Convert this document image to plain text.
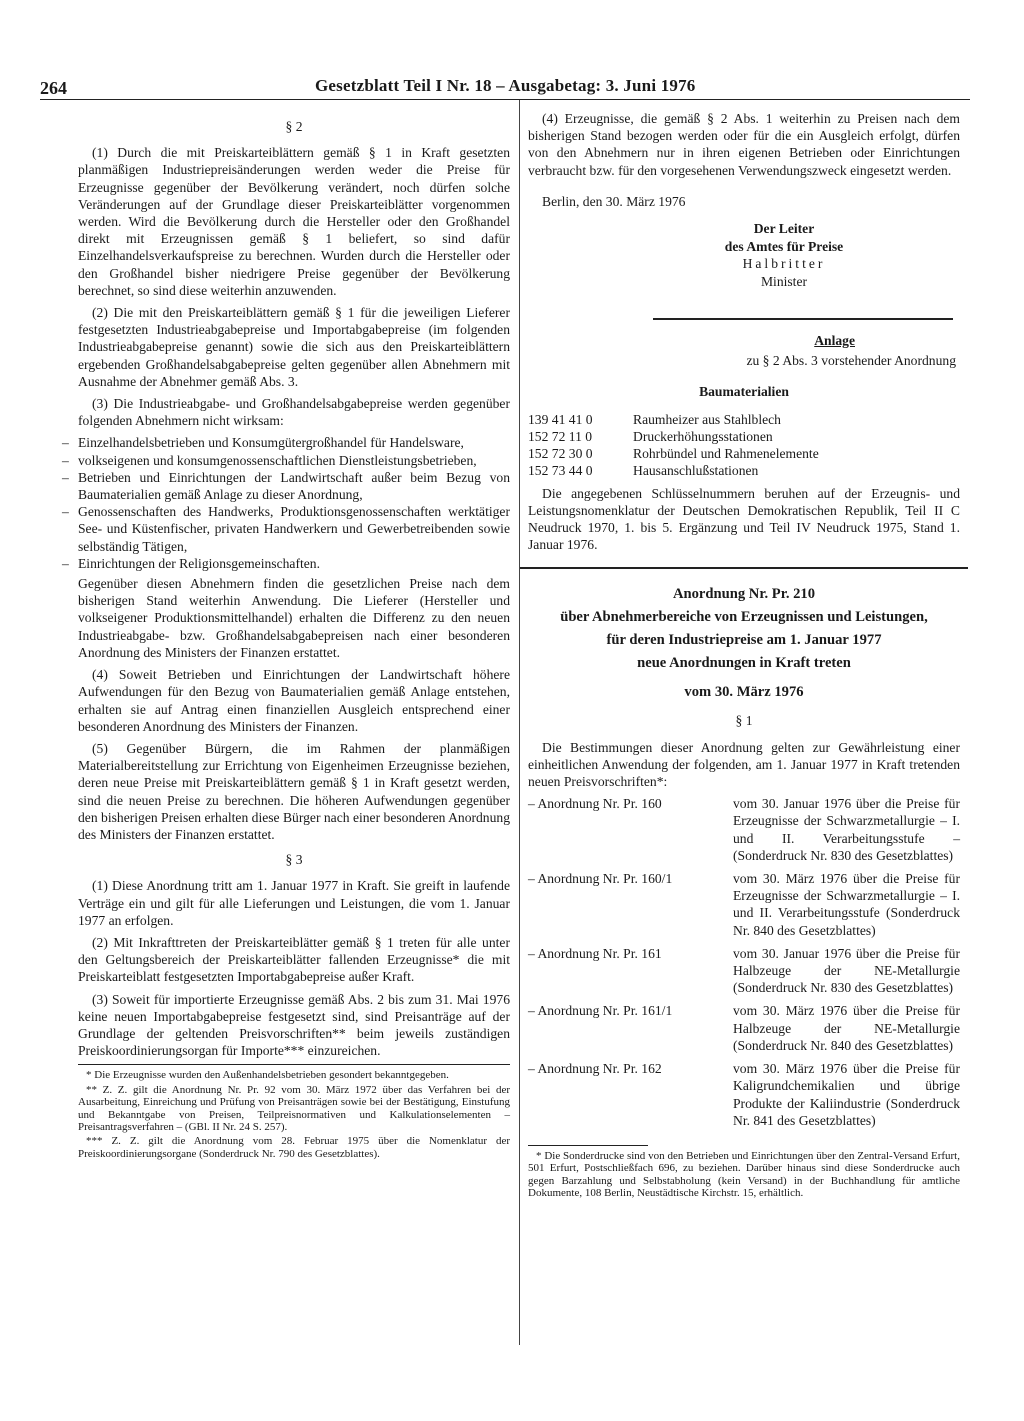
264	Gesetzblatt Teil I Nr. 18 – Ausgabetag: 3. Juni 1976
§ 2

(1) Durch die mit Preiskarteiblättern gemäß § 1 in Kraft gesetzten planmäßigen Industriepreisänderungen werden weder die Preise für Erzeugnisse gegenüber der Bevölkerung verändert, noch dürfen solche Veränderungen auf der Grundlage dieser Preiskarteiblätter vorgenommen werden. Wird die Bevölkerung durch die Hersteller oder den Großhandel direkt mit Erzeugnissen gemäß § 1 beliefert, so sind dafür Einzelhandelsverkaufspreise zu berechnen. Wurden durch die Hersteller oder den Großhandel bisher niedrigere Preise gegenüber der Bevölkerung berechnet, so sind diese weiterhin anzuwenden.

(2) Die mit den Preiskarteiblättern gemäß § 1 für die jeweiligen Lieferer festgesetzten Industrieabgabepreise und Importabgabepreise (im folgenden Industrieabgabepreise genannt) sowie die sich aus den Preiskarteiblättern ergebenden Großhandelsabgabepreise gelten gegenüber allen Abnehmern mit Ausnahme der Abnehmer gemäß Abs. 3.

(3) Die Industrieabgabe- und Großhandelsabgabepreise werden gegenüber folgenden Abnehmern nicht wirksam:

– Einzelhandelsbetrieben und Konsumgütergroßhandel für Handelsware,
– volkseigenen und konsumgenossenschaftlichen Dienstleistungsbetrieben,
– Betrieben und Einrichtungen der Landwirtschaft außer beim Bezug von Baumaterialien gemäß Anlage zu dieser Anordnung,
– Genossenschaften des Handwerks, Produktionsgenossenschaften werktätiger See- und Küstenfischer, privaten Handwerkern und Gewerbetreibenden sowie selbständig Tätigen,
– Einrichtungen der Religionsgemeinschaften.

Gegenüber diesen Abnehmern finden die gesetzlichen Preise nach dem bisherigen Stand weiterhin Anwendung. Die Lieferer (Hersteller und volkseigener Produktionsmittelhandel) erhalten die Differenz zu den neuen Industrieabgabe- bzw. Großhandelsabgabepreisen nach einer besonderen Anordnung des Ministers der Finanzen erstattet.

(4) Soweit Betrieben und Einrichtungen der Landwirtschaft höhere Aufwendungen für den Bezug von Baumaterialien gemäß Anlage entstehen, erhalten sie auf Antrag einen finanziellen Ausgleich entsprechend einer besonderen Anordnung des Ministers der Finanzen.

(5) Gegenüber Bürgern, die im Rahmen der planmäßigen Materialbereitstellung zur Errichtung von Eigenheimen Erzeugnisse beziehen, deren neue Preise mit Preiskarteiblättern gemäß § 1 in Kraft gesetzt werden, sind die neuen Preise zu berechnen. Die höheren Aufwendungen gegenüber den bisherigen Preisen erhalten diese Bürger nach einer besonderen Anordnung des Ministers der Finanzen erstattet.

§ 3

(1) Diese Anordnung tritt am 1. Januar 1977 in Kraft. Sie greift in laufende Verträge ein und gilt für alle Lieferungen und Leistungen, die vom 1. Januar 1977 an erfolgen.

(2) Mit Inkrafttreten der Preiskarteiblätter gemäß § 1 treten für alle unter den Geltungsbereich der Preiskarteiblätter fallenden Erzeugnisse* die mit Preiskarteiblatt festgesetzten Importabgabepreise außer Kraft.

(3) Soweit für importierte Erzeugnisse gemäß Abs. 2 bis zum 31. Mai 1976 keine neuen Importabgabepreise festgesetzt sind, sind Preisanträge auf der Grundlage der geltenden Preisvorschriften** beim jeweils zuständigen Preiskoordinierungsorgan für Importe*** einzureichen.

* Die Erzeugnisse wurden den Außenhandelsbetrieben gesondert bekanntgegeben.

** Z. Z. gilt die Anordnung Nr. Pr. 92 vom 30. März 1972 über das Verfahren bei der Ausarbeitung, Einreichung und Prüfung von Preisanträgen sowie bei der Bestätigung, Einstufung und Bekanntgabe von Preisen, Teilpreisnormativen und Kalkulationselementen – Preisantragsverfahren – (GBl. II Nr. 24 S. 257).

*** Z. Z. gilt die Anordnung vom 28. Februar 1975 über die Nomenklatur der Preiskoordinierungsorgane (Sonderdruck Nr. 790 des Gesetzblattes).

(4) Erzeugnisse, die gemäß § 2 Abs. 1 weiterhin zu Preisen nach dem bisherigen Stand bezogen werden oder für die ein Ausgleich erfolgt, dürfen von den Abnehmern nur in ihren eigenen Betrieben oder Einrichtungen verbraucht bzw. für den vorgesehenen Verwendungszweck eingesetzt werden.

Berlin, den 30. März 1976

Der Leiter
des Amtes für Preise
Halbritter
Minister
Anlage
zu § 2 Abs. 3 vorstehender Anordnung
Baumaterialien
139 41 41 0	Raumheizer aus Stahlblech
152 72 11 0	Druckerhöhungsstationen
152 72 30 0	Rohrbündel und Rahmenelemente
152 73 44 0	Hausanschlußstationen

Die angegebenen Schlüsselnummern beruhen auf der Erzeugnis- und Leistungsnomenklatur der Deutschen Demokratischen Republik, Teil II C Neudruck 1970, 1. bis 5. Ergänzung und Teil IV Neudruck 1975, Stand 1. Januar 1976.

Anordnung Nr. Pr. 210
über Abnehmerbereiche von Erzeugnissen und Leistungen,
für deren Industriepreise am 1. Januar 1977
neue Anordnungen in Kraft treten
vom 30. März 1976
§ 1

Die Bestimmungen dieser Anordnung gelten zur Gewährleistung einer einheitlichen Anwendung der folgenden, am 1. Januar 1977 in Kraft tretenden neuen Preisvorschriften*:

– Anordnung Nr. Pr. 160	vom 30. Januar 1976 über die Preise für Erzeugnisse der Schwarzmetallurgie – I. und II. Verarbeitungsstufe – (Sonderdruck Nr. 830 des Gesetzblattes)
– Anordnung Nr. Pr. 160/1	vom 30. März 1976 über die Preise für Erzeugnisse der Schwarzmetallurgie – I. und II. Verarbeitungsstufe (Sonderdruck Nr. 840 des Gesetzblattes)
– Anordnung Nr. Pr. 161	vom 30. Januar 1976 über die Preise für Halbzeuge der NE-Metallurgie (Sonderdruck Nr. 830 des Gesetzblattes)
– Anordnung Nr. Pr. 161/1	vom 30. März 1976 über die Preise für Halbzeuge der NE-Metallurgie (Sonderdruck Nr. 840 des Gesetzblattes)
– Anordnung Nr. Pr. 162	vom 30. März 1976 über die Preise für Kaligrundchemikalien und übrige Produkte der Kaliindustrie (Sonderdruck Nr. 841 des Gesetzblattes)

* Die Sonderdrucke sind von den Betrieben und Einrichtungen über den Zentral-Versand Erfurt, 501 Erfurt, Postschließfach 696, zu beziehen. Darüber hinaus sind diese Sonderdrucke auch gegen Barzahlung und Selbstabholung (kein Versand) in der Buchhandlung für amtliche Dokumente, 108 Berlin, Neustädtische Kirchstr. 15, erhältlich.
